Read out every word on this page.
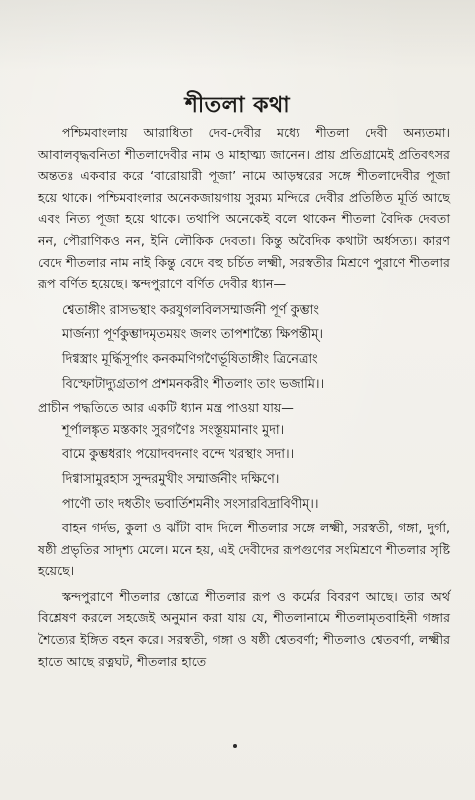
শীতলা কথা

পশ্চিমবাংলায় আরাধিতা দেব-দেবীর মধ্যে শীতলা দেবী অন্যতমা। আবালবৃদ্ধবনিতা শীতলাদেবীর নাম ও মাহাত্ম্য জানেন। প্রায় প্রতিগ্রামেই প্রতিবৎসর অন্ততঃ একবার করে ‘বারোয়ারী পূজা’ নামে আড়ম্বরের সঙ্গে শীতলাদেবীর পূজা হয়ে থাকে। পশ্চিমবাংলার অনেকজায়গায় সুরম্য মন্দিরে দেবীর প্রতিষ্ঠিত মূর্তি আছে এবং নিত্য পূজা হয়ে থাকে। তথাপি অনেকেই বলে থাকেন শীতলা বৈদিক দেবতা নন, পৌরাণিকও নন, ইনি লৌকিক দেবতা। কিন্তু অবৈদিক কথাটা অর্ধসত্য। কারণ বেদে শীতলার নাম নাই কিন্তু বেদে বহু চর্চিত লক্ষ্মী, সরস্বতীর মিশ্রণে পুরাণে শীতলার রূপ বর্ণিত হয়েছে। স্কন্দপুরাণে বর্ণিত দেবীর ধ্যান—

শ্বেতাঙ্গীং রাসভস্থাং করযুগলবিলসম্মার্জনী পূর্ণ কুম্ভাং
মার্জন্যা পূর্ণকুম্ভাদমৃতময়ং জলং তাপশান্ত্যৈ ক্ষিপন্তীম্।
দিগ্বস্ত্রাং মূর্দ্ধিসূর্পাং কনকমণিগণৈর্ভূষিতাঙ্গীং ত্রিনেত্রাং
বিস্ফোটাদ্যুগ্রতাপ প্রশমনকরীং শীতলাং তাং ভজামি।।

প্রাচীন পদ্ধতিতে আর একটি ধ্যান মন্ত্র পাওয়া যায়—

শূর্পালঙ্কৃত মস্তকাং সুরগণৈঃ সংস্তূয়মানাং মুদা।
বামে কুম্ভধরাং পয়োদবদনাং বন্দে খরস্থাং সদা।।
দিগ্বাসামুরহাস সুন্দরমুখীং সম্মার্জনীং দক্ষিণে।
পাণৌ তাং দধতীং ভবার্তিশমনীং সংসারবিদ্রাবিণীম্।।

বাহন গর্দভ, কুলা ও ঝাঁটা বাদ দিলে শীতলার সঙ্গে লক্ষ্মী, সরস্বতী, গঙ্গা, দুর্গা, ষষ্ঠী প্রভৃতির সাদৃশ্য মেলে। মনে হয়, এই দেবীদের রূপগুণের সংমিশ্রণে শীতলার সৃষ্টি হয়েছে।

স্কন্দপুরাণে শীতলার স্তোত্রে শীতলার রূপ ও কর্মের বিবরণ আছে। তার অর্থ বিশ্লেষণ করলে সহজেই অনুমান করা যায় যে, শীতলানামে শীতলামৃতবাহিনী গঙ্গার শৈত্যের ইঙ্গিত বহন করে। সরস্বতী, গঙ্গা ও ষষ্ঠী শ্বেতবর্ণা; শীতলাও শ্বেতবর্ণা, লক্ষ্মীর হাতে আছে রত্নঘট, শীতলার হাতে
